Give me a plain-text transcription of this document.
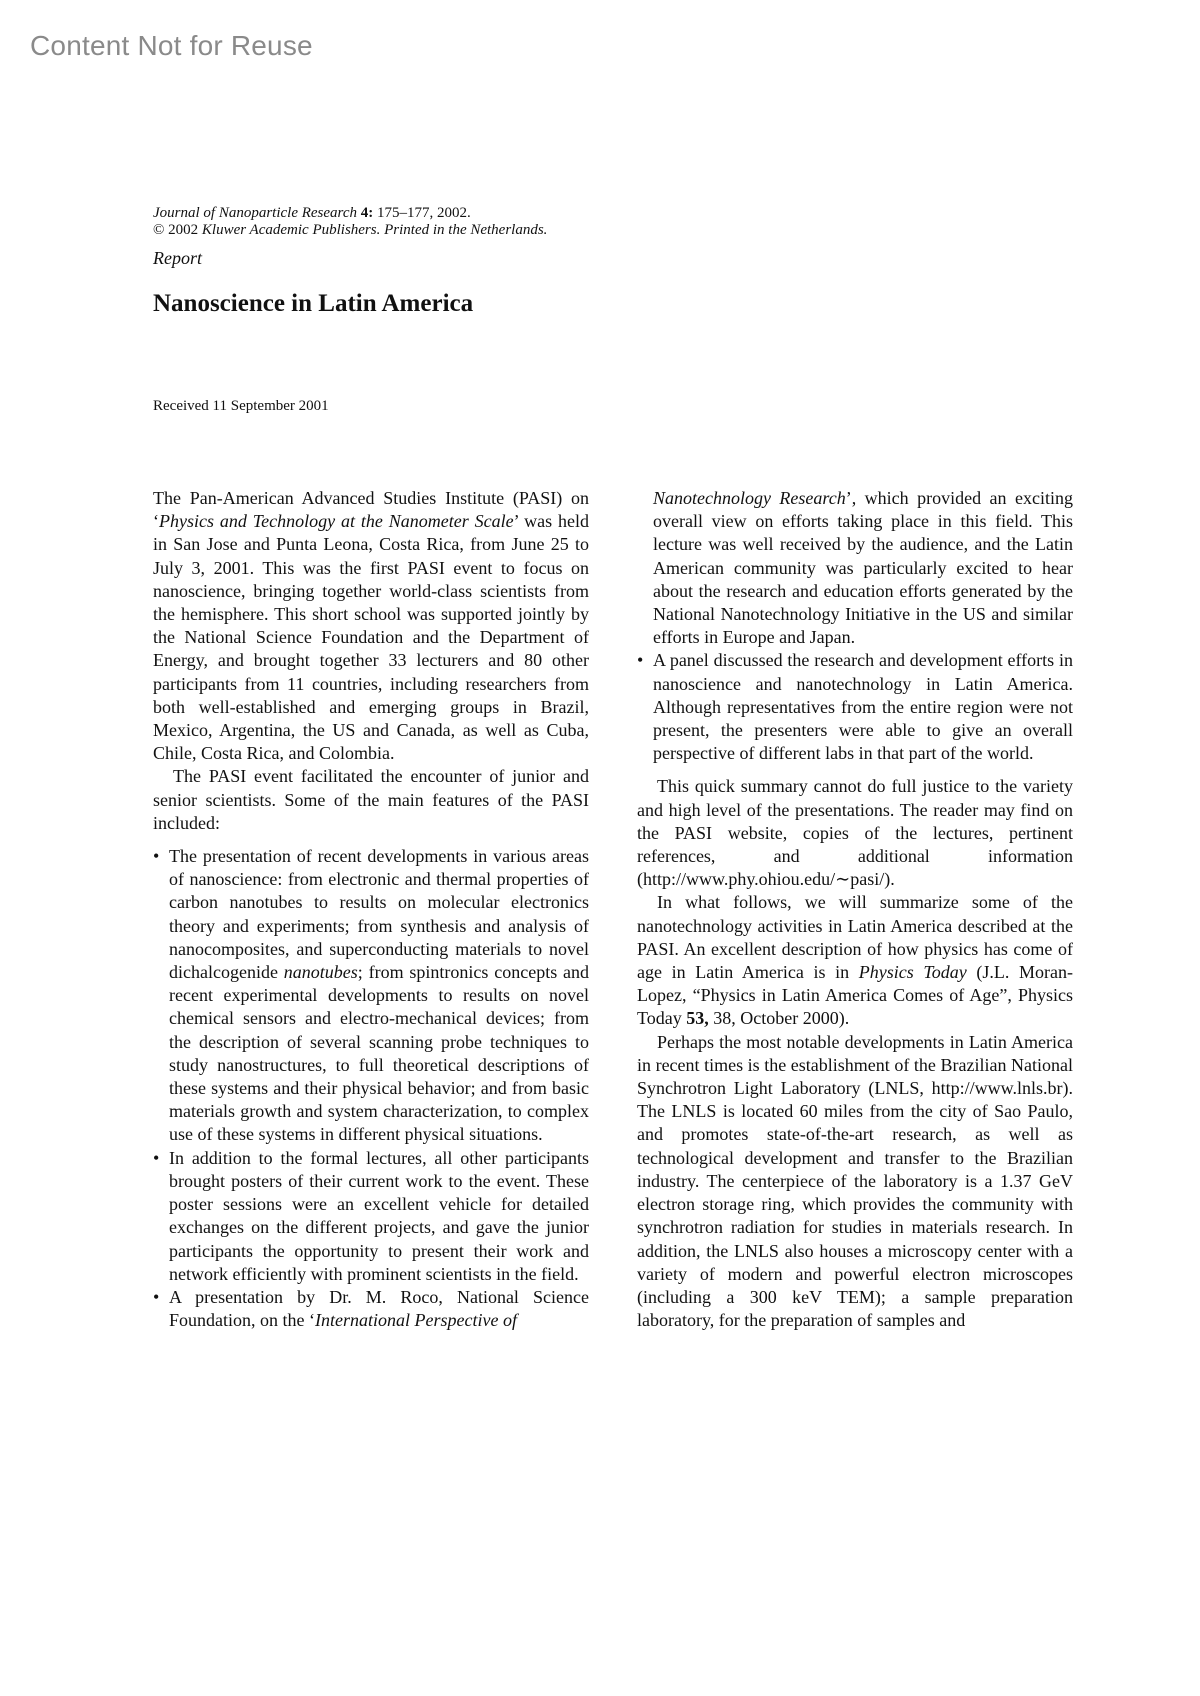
Content Not for Reuse
Journal of Nanoparticle Research 4: 175–177, 2002.
© 2002 Kluwer Academic Publishers. Printed in the Netherlands.
Report
Nanoscience in Latin America
Received 11 September 2001

The Pan-American Advanced Studies Institute (PASI) on ‘Physics and Technology at the Nanometer Scale’ was held in San Jose and Punta Leona, Costa Rica, from June 25 to July 3, 2001. This was the first PASI event to focus on nanoscience, bringing together world-class scientists from the hemisphere. This short school was supported jointly by the National Science Foundation and the Department of Energy, and brought together 33 lecturers and 80 other participants from 11 countries, including researchers from both well-established and emerging groups in Brazil, Mexico, Argentina, the US and Canada, as well as Cuba, Chile, Costa Rica, and Colombia.

The PASI event facilitated the encounter of junior and senior scientists. Some of the main features of the PASI included:

• The presentation of recent developments in various areas of nanoscience: from electronic and thermal properties of carbon nanotubes to results on molecular electronics theory and experiments; from synthesis and analysis of nanocomposites, and superconducting materials to novel dichalcogenide nanotubes; from spintronics concepts and recent experimental developments to results on novel chemical sensors and electro-mechanical devices; from the description of several scanning probe techniques to study nanostructures, to full theoretical descriptions of these systems and their physical behavior; and from basic materials growth and system characterization, to complex use of these systems in different physical situations.
• In addition to the formal lectures, all other participants brought posters of their current work to the event. These poster sessions were an excellent vehicle for detailed exchanges on the different projects, and gave the junior participants the opportunity to present their work and network efficiently with prominent scientists in the field.
• A presentation by Dr. M. Roco, National Science Foundation, on the ‘International Perspective of
Nanotechnology Research’, which provided an exciting overall view on efforts taking place in this field. This lecture was well received by the audience, and the Latin American community was particularly excited to hear about the research and education efforts generated by the National Nanotechnology Initiative in the US and similar efforts in Europe and Japan.
• A panel discussed the research and development efforts in nanoscience and nanotechnology in Latin America. Although representatives from the entire region were not present, the presenters were able to give an overall perspective of different labs in that part of the world.

This quick summary cannot do full justice to the variety and high level of the presentations. The reader may find on the PASI website, copies of the lectures, pertinent references, and additional information (http://www.phy.ohiou.edu/∼pasi/).

In what follows, we will summarize some of the nanotechnology activities in Latin America described at the PASI. An excellent description of how physics has come of age in Latin America is in Physics Today (J.L. Moran-Lopez, “Physics in Latin America Comes of Age”, Physics Today 53, 38, October 2000).

Perhaps the most notable developments in Latin America in recent times is the establishment of the Brazilian National Synchrotron Light Laboratory (LNLS, http://www.lnls.br). The LNLS is located 60 miles from the city of Sao Paulo, and promotes state-of-the-art research, as well as technological development and transfer to the Brazilian industry. The centerpiece of the laboratory is a 1.37 GeV electron storage ring, which provides the community with synchrotron radiation for studies in materials research. In addition, the LNLS also houses a microscopy center with a variety of modern and powerful electron microscopes (including a 300 keV TEM); a sample preparation laboratory, for the preparation of samples and
